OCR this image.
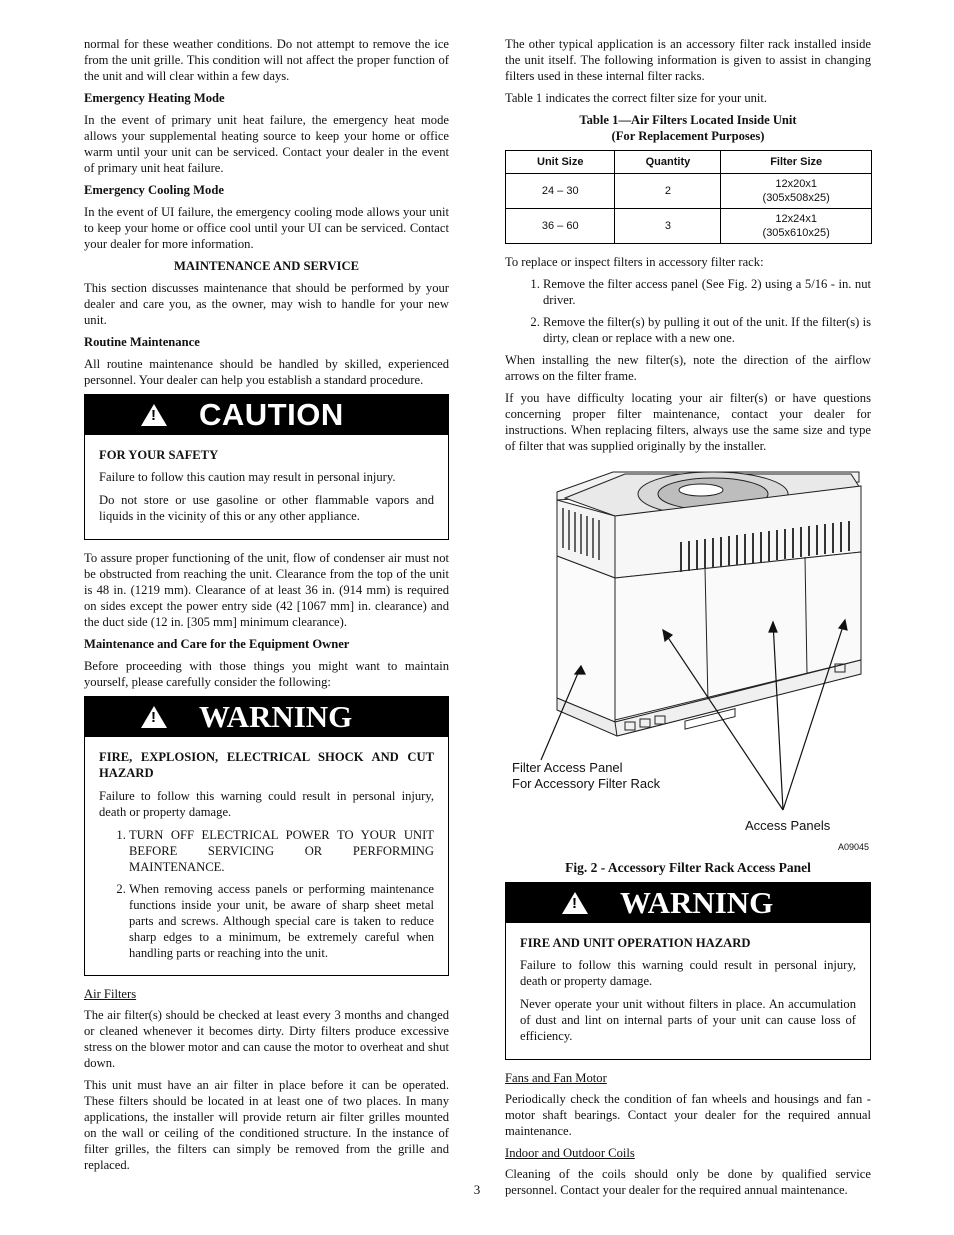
normal for these weather conditions. Do not attempt to remove the ice from the unit grille. This condition will not affect the proper function of the unit and will clear within a few days.

Emergency Heating Mode

In the event of primary unit heat failure, the emergency heat mode allows your supplemental heating source to keep your home or office warm until your unit can be serviced. Contact your dealer in the event of primary unit heat failure.

Emergency Cooling Mode

In the event of UI failure, the emergency cooling mode allows your unit to keep your home or office cool until your UI can be serviced. Contact your dealer for more information.

MAINTENANCE AND SERVICE

This section discusses maintenance that should be performed by your dealer and care you, as the owner, may wish to handle for your new unit.

Routine Maintenance

All routine maintenance should be handled by skilled, experienced personnel. Your dealer can help you establish a standard procedure.

! CAUTION
FOR YOUR SAFETY

Failure to follow this caution may result in personal injury.

Do not store or use gasoline or other flammable vapors and liquids in the vicinity of this or any other appliance.

To assure proper functioning of the unit, flow of condenser air must not be obstructed from reaching the unit. Clearance from the top of the unit is 48 in. (1219 mm). Clearance of at least 36 in. (914 mm) is required on sides except the power entry side (42 [1067 mm] in. clearance) and the duct side (12 in. [305 mm] minimum clearance).

Maintenance and Care for the Equipment Owner

Before proceeding with those things you might want to maintain yourself, please carefully consider the following:

! WARNING

FIRE, EXPLOSION, ELECTRICAL SHOCK AND CUT HAZARD

Failure to follow this warning could result in personal injury, death or property damage.

1. TURN OFF ELECTRICAL POWER TO YOUR UNIT BEFORE SERVICING OR PERFORMING MAINTENANCE.
2. When removing access panels or performing maintenance functions inside your unit, be aware of sharp sheet metal parts and screws. Although special care is taken to reduce sharp edges to a minimum, be extremely careful when handling parts or reaching into the unit.
Air Filters

The air filter(s) should be checked at least every 3 months and changed or cleaned whenever it becomes dirty. Dirty filters produce excessive stress on the blower motor and can cause the motor to overheat and shut down.

This unit must have an air filter in place before it can be operated. These filters should be located in at least one of two places. In many applications, the installer will provide return air filter grilles mounted on the wall or ceiling of the conditioned structure. In the instance of filter grilles, the filters can simply be removed from the grille and replaced.

The other typical application is an accessory filter rack installed inside the unit itself. The following information is given to assist in changing filters used in these internal filter racks.

Table 1 indicates the correct filter size for your unit.

Table 1—Air Filters Located Inside Unit
(For Replacement Purposes)
Unit Size	Quantity	Filter Size
24 – 30	2	12x20x1
(305x508x25)

36 – 60	3	12x24x1
(305x610x25)

To replace or inspect filters in accessory filter rack:

1. Remove the filter access panel (See Fig. 2) using a 5/16 - in. nut driver.
2. Remove the filter(s) by pulling it out of the unit. If the filter(s) is dirty, clean or replace with a new one.

When installing the new filter(s), note the direction of the airflow arrows on the filter frame.

If you have difficulty locating your air filter(s) or have questions concerning proper filter maintenance, contact your dealer for instructions. When replacing filters, always use the same size and type of filter that was supplied originally by the installer.

Filter Access Panel
For Accessory Filter Rack
Access Panels
A09045
Fig. 2 - Accessory Filter Rack Access Panel
! WARNING
FIRE AND UNIT OPERATION HAZARD

Failure to follow this warning could result in personal injury, death or property damage.

Never operate your unit without filters in place. An accumulation of dust and lint on internal parts of your unit can cause loss of efficiency.

Fans and Fan Motor

Periodically check the condition of fan wheels and housings and fan - motor shaft bearings. Contact your dealer for the required annual maintenance.

Indoor and Outdoor Coils

Cleaning of the coils should only be done by qualified service personnel. Contact your dealer for the required annual maintenance.

3
